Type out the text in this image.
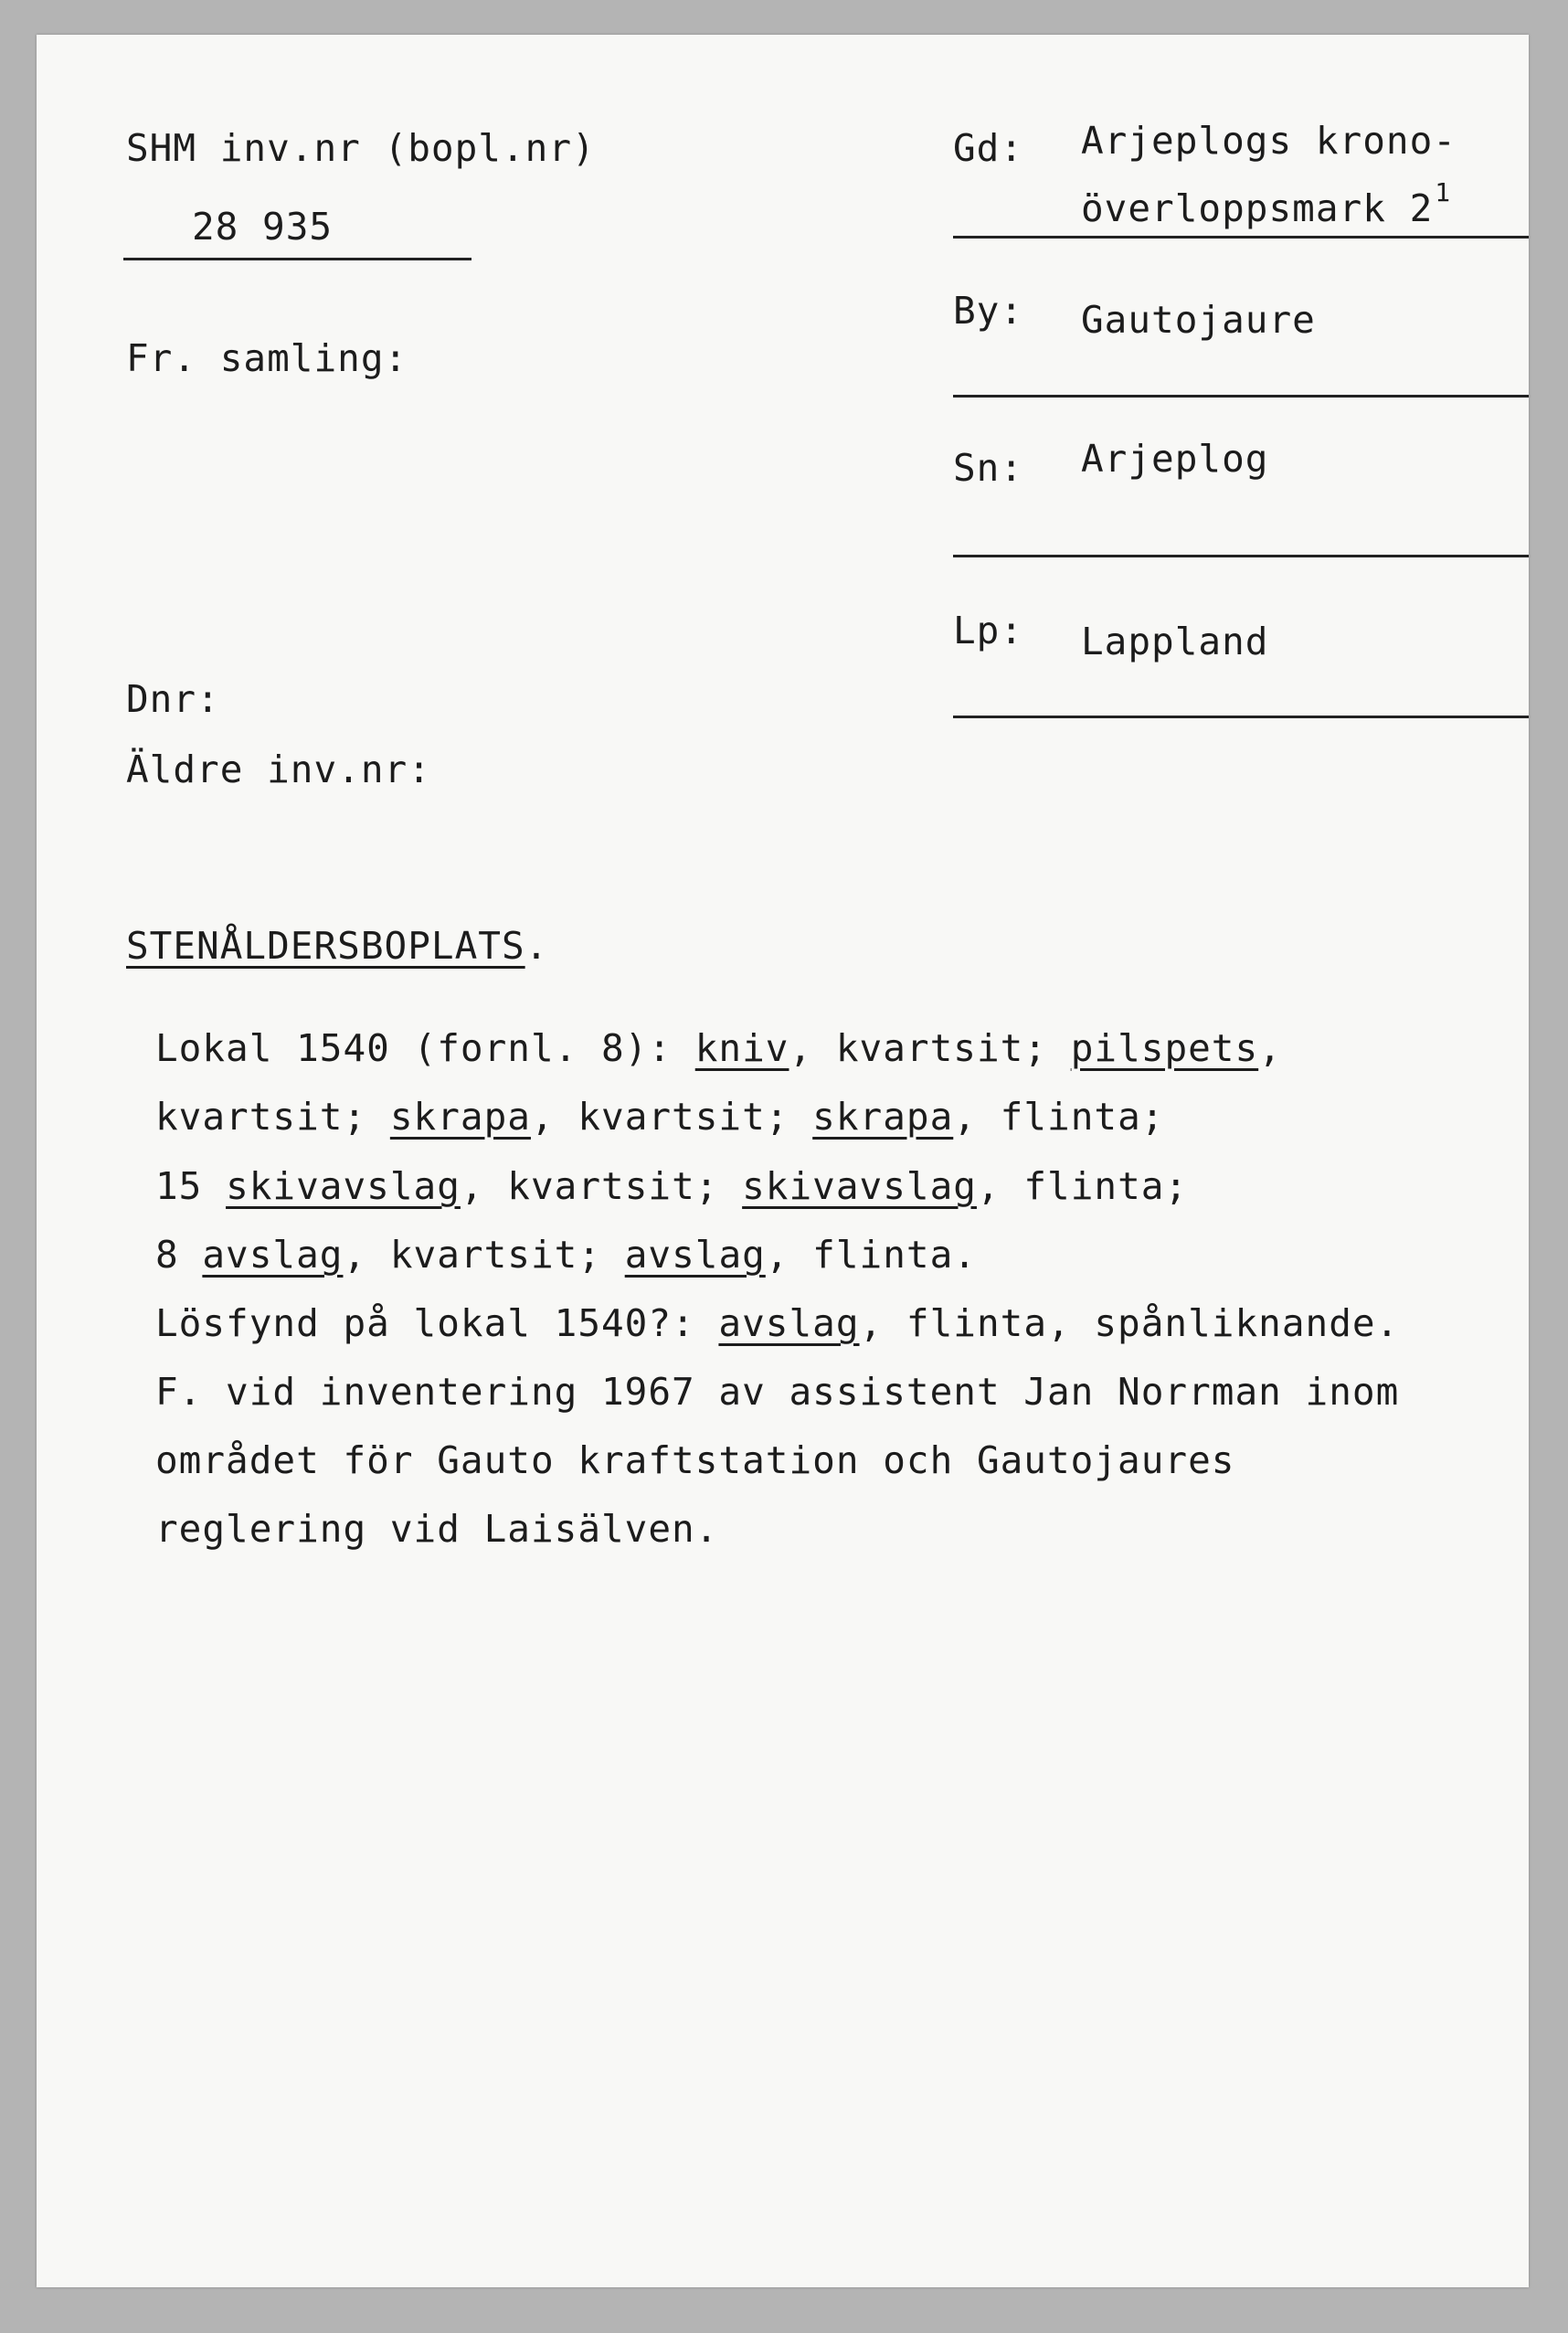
SHM inv.nr (bopl.nr)
28 935
Fr. samling:
Dnr:
Äldre inv.nr:
Gd: Arjeplogs krono-
överloppsmark $2^1$
By: Gautojaure
Sn: Arjeplog
Lp: Lappland
STENÅLDERSBOPLATS.
Lokal 1540 (fornl. 8): kniv, kvartsit; pilspets,
kvartsit; skrapa, kvartsit; skrapa, flinta;
15 skivavslag, kvartsit; skivavslag, flinta;
8 avslag, kvartsit; avslag, flinta.
Lösfynd på lokal 1540?: avslag, flinta, spånliknande.
F. vid inventering 1967 av assistent Jan Norrman inom
området för Gauto kraftstation och Gautojaures
reglering vid Laisälven.
